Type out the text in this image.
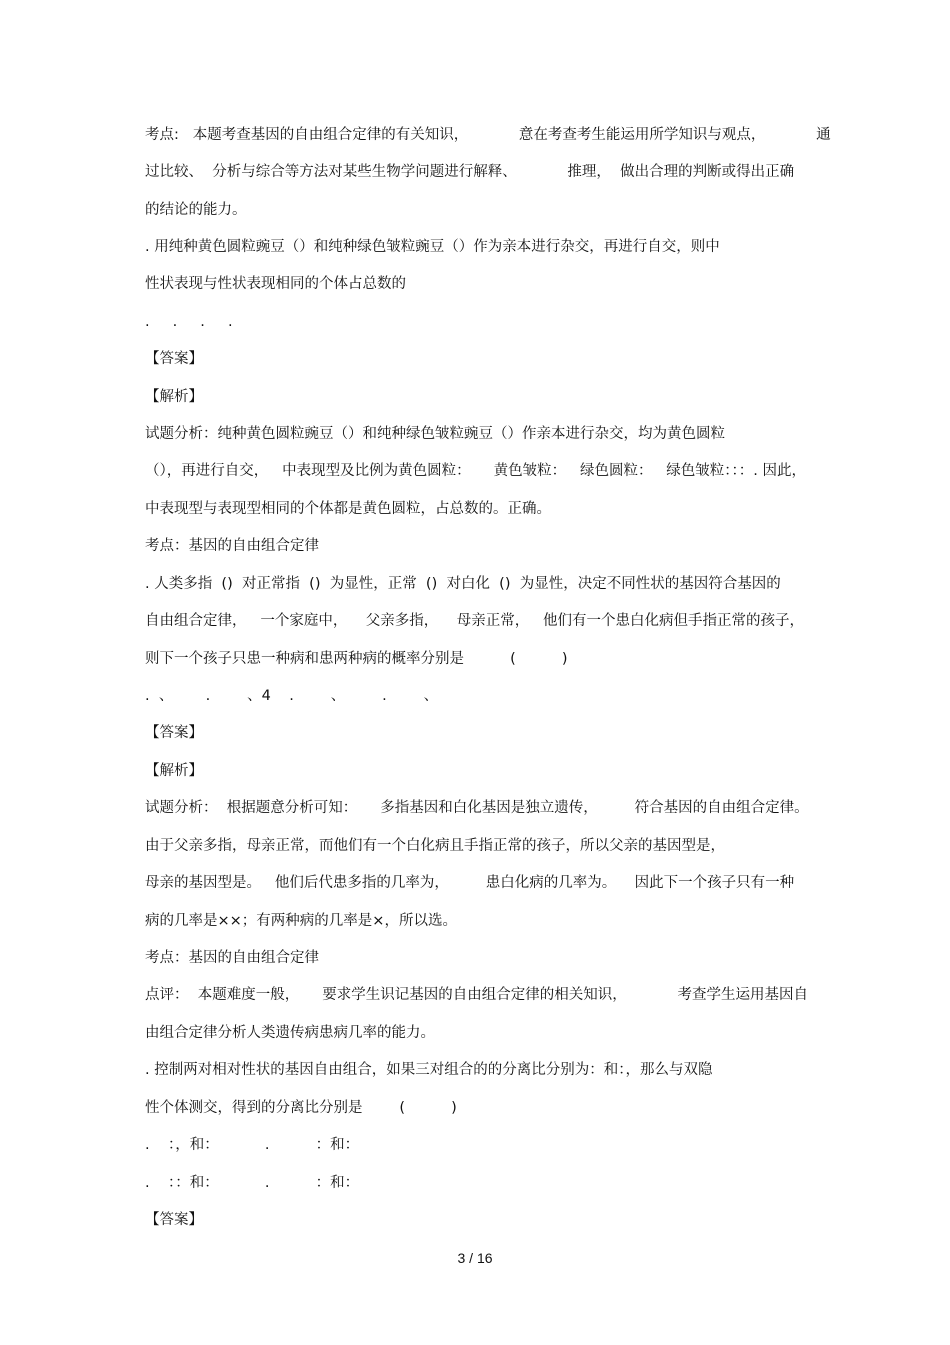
考点:   本题考查基因的自由组合定律的有关知识，           意在考查考生能运用所学知识与观点，           通
过比较、  分析与综合等方法对某些生物学问题进行解释、           推理，  做出合理的判断或得出正确
的结论的能力。
. 用纯种黄色圆粒豌豆（）和纯种绿色皱粒豌豆（）作为亲本进行杂交，再进行自交，则中
性状表现与性状表现相同的个体占总数的
.     .     .     .
【答案】
【解析】
试题分析：纯种黄色圆粒豌豆（）和纯种绿色皱粒豌豆（）作亲本进行杂交，均为黄色圆粒
（），再进行自交，   中表现型及比例为黄色圆粒：     黄色皱粒：   绿色圆粒：   绿色皱粒：：：. 因此，
中表现型与表现型相同的个体都是黄色圆粒，占总数的。正确。
考点：基因的自由组合定律
. 人类多指  ()  对正常指  ()  为显性，正常  ()  对白化  ()  为显性，决定不同性状的基因符合基因的
自由组合定律，   一个家庭中，    父亲多指，    母亲正常，   他们有一个患白化病但手指正常的孩子，
则下一个孩子只患一种病和患两种病的概率分别是          (          )
.  、       .        、4    .        、        .        、
【答案】
【解析】
试题分析：  根据题意分析可知：     多指基因和白化基因是独立遗传，        符合基因的自由组合定律。
由于父亲多指，母亲正常，而他们有一个白化病且手指正常的孩子，所以父亲的基因型是，
母亲的基因型是。   他们后代患多指的几率为，        患白化病的几率为。    因此下一个孩子只有一种
病的几率是××；有两种病的几率是×，所以选。
考点：基因的自由组合定律
点评：  本题难度一般，     要求学生识记基因的自由组合定律的相关知识，           考查学生运用基因自
由组合定律分析人类遗传病患病几率的能力。
. 控制两对相对性状的基因自由组合，如果三对组合的的分离比分别为：和：，那么与双隐
性个体测交，得到的分离比分别是        (          )
.    ：，和：          .          ：和：
.    ：：和：          .          ：和：
【答案】
3 / 16
